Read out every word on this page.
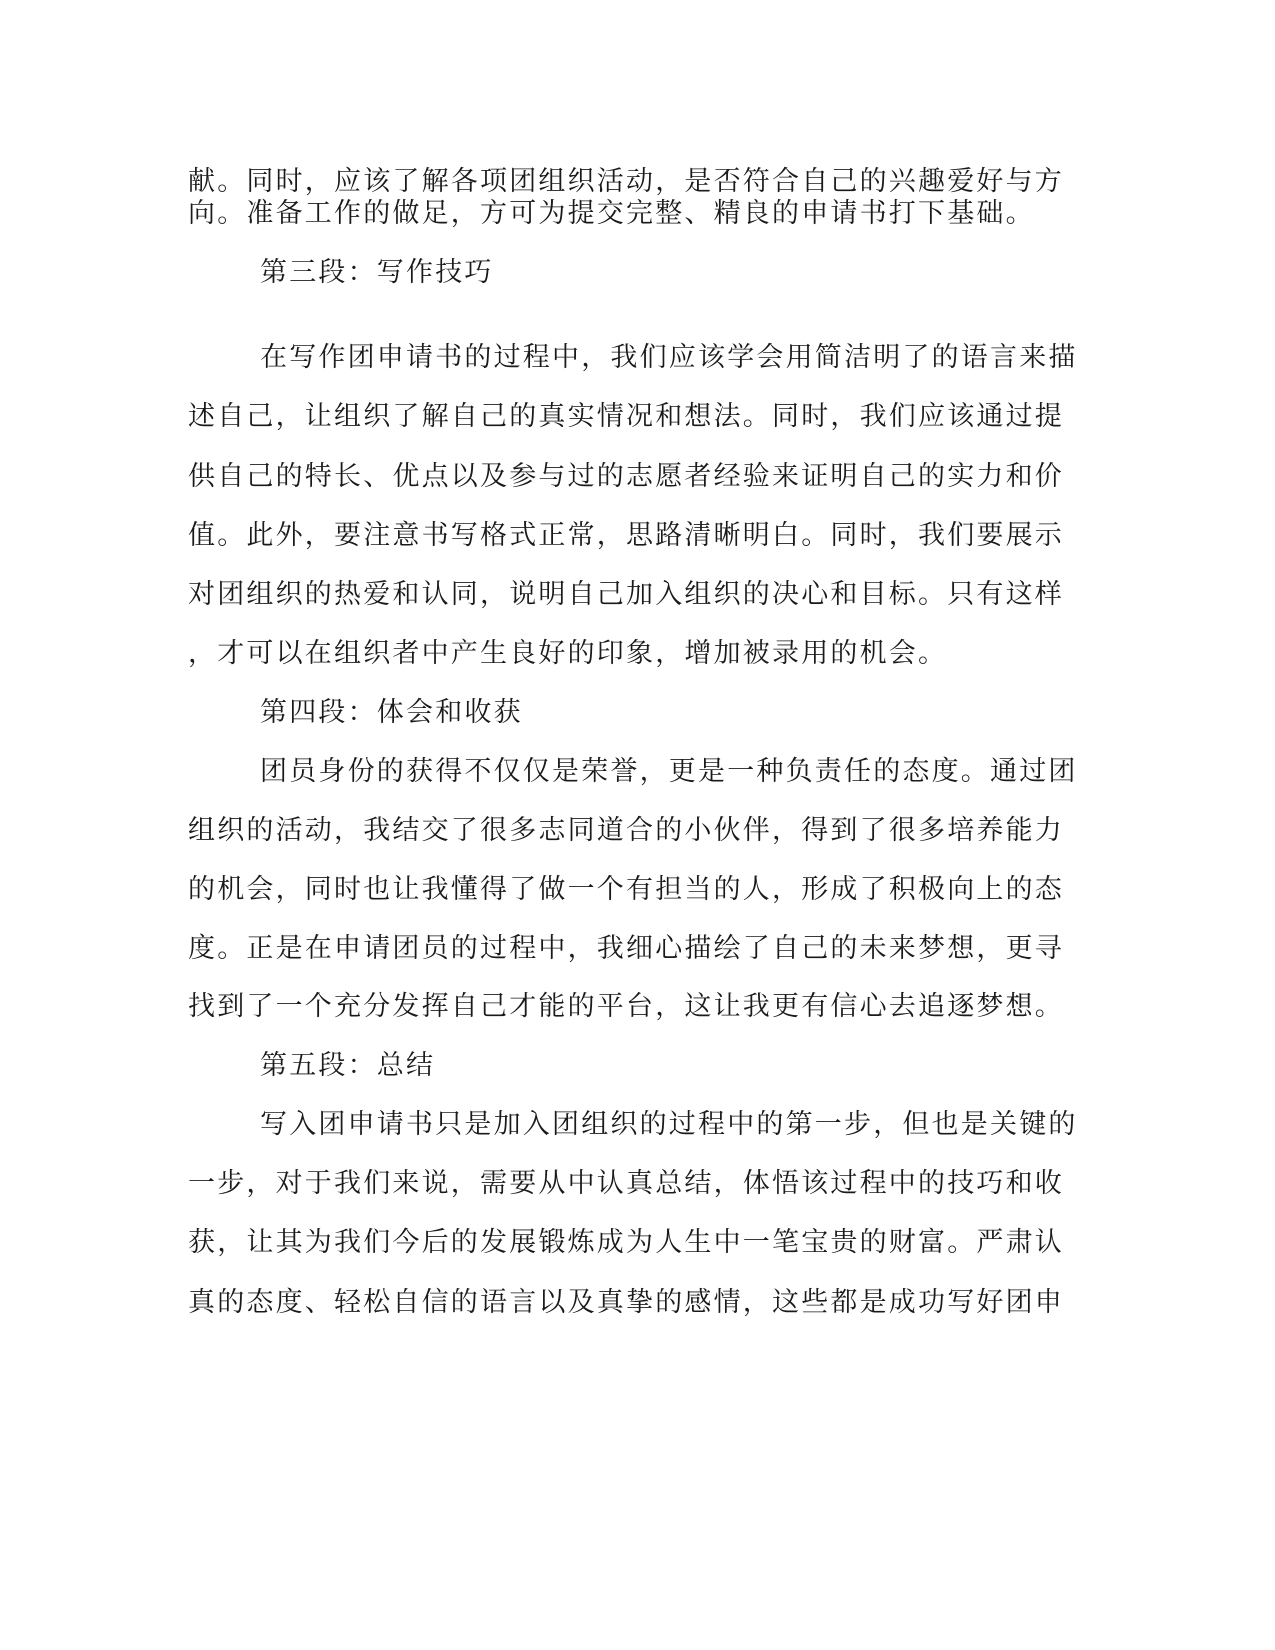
献。同时，应该了解各项团组织活动，是否符合自己的兴趣爱好与方
向。准备工作的做足，方可为提交完整、精良的申请书打下基础。
第三段：写作技巧
在写作团申请书的过程中，我们应该学会用简洁明了的语言来描
述自己，让组织了解自己的真实情况和想法。同时，我们应该通过提
供自己的特长、优点以及参与过的志愿者经验来证明自己的实力和价
值。此外，要注意书写格式正常，思路清晰明白。同时，我们要展示
对团组织的热爱和认同，说明自己加入组织的决心和目标。只有这样
，才可以在组织者中产生良好的印象，增加被录用的机会。
第四段：体会和收获
团员身份的获得不仅仅是荣誉，更是一种负责任的态度。通过团
组织的活动，我结交了很多志同道合的小伙伴，得到了很多培养能力
的机会，同时也让我懂得了做一个有担当的人，形成了积极向上的态
度。正是在申请团员的过程中，我细心描绘了自己的未来梦想，更寻
找到了一个充分发挥自己才能的平台，这让我更有信心去追逐梦想。
第五段：总结
写入团申请书只是加入团组织的过程中的第一步，但也是关键的
一步，对于我们来说，需要从中认真总结，体悟该过程中的技巧和收
获，让其为我们今后的发展锻炼成为人生中一笔宝贵的财富。严肃认
真的态度、轻松自信的语言以及真挚的感情，这些都是成功写好团申
